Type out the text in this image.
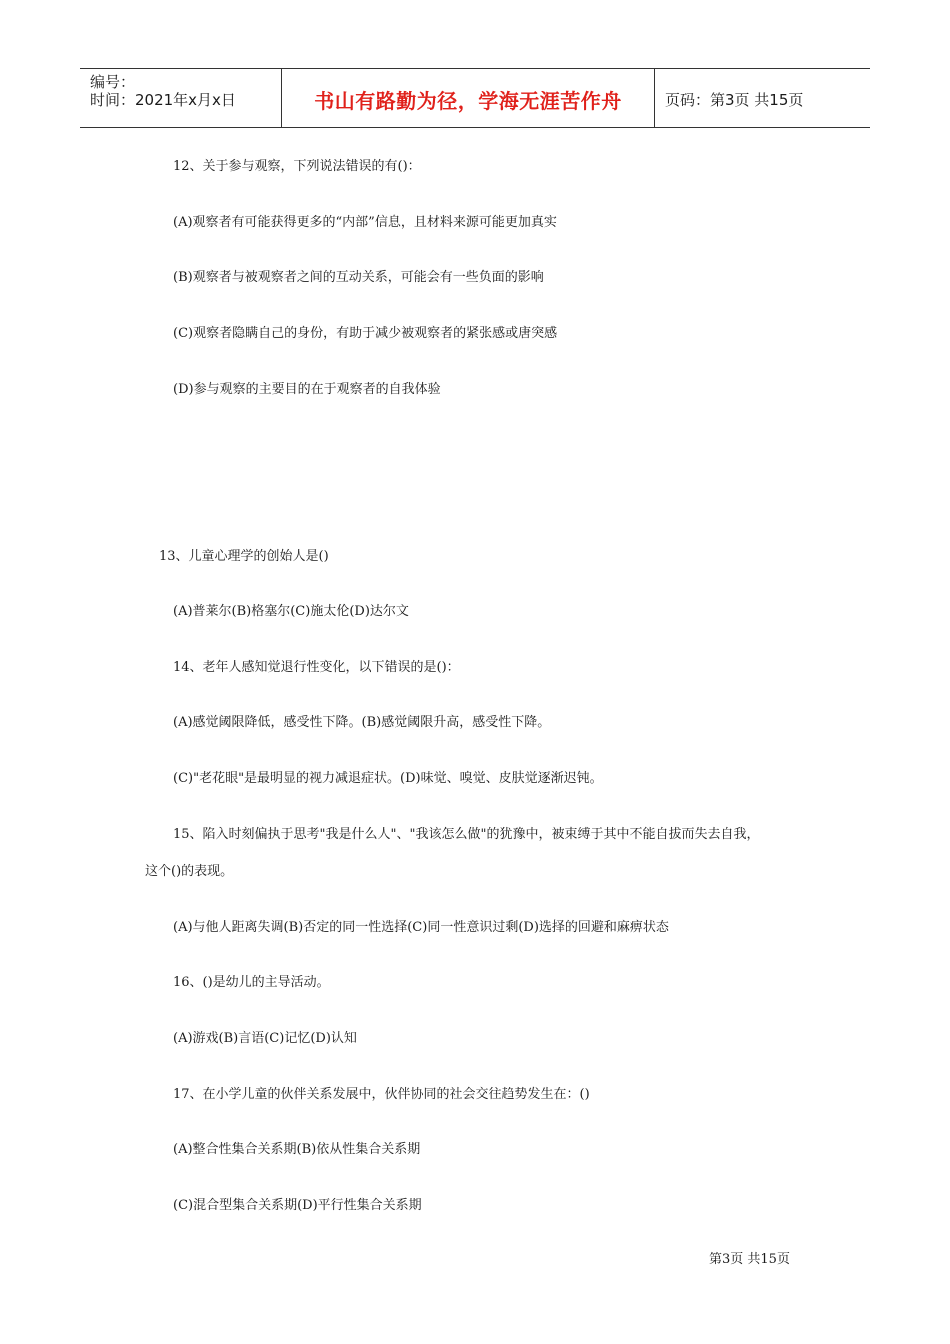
编号：
时间：2021年x月x日	书山有路勤为径，学海无涯苦作舟	页码：第3页 共15页
12、关于参与观察，下列说法错误的有()：
(A)观察者有可能获得更多的“内部”信息，且材料来源可能更加真实
(B)观察者与被观察者之间的互动关系，可能会有一些负面的影响
(C)观察者隐瞒自己的身份，有助于减少被观察者的紧张感或唐突感
(D)参与观察的主要目的在于观察者的自我体验
13、儿童心理学的创始人是()
(A)普莱尔(B)格塞尔(C)施太伦(D)达尔文
14、老年人感知觉退行性变化，以下错误的是()：
(A)感觉阈限降低，感受性下降。(B)感觉阈限升高，感受性下降。
(C)"老花眼"是最明显的视力减退症状。(D)味觉、嗅觉、皮肤觉逐渐迟钝。
15、陷入时刻偏执于思考"我是什么人"、"我该怎么做"的犹豫中，被束缚于其中不能自拔而失去自我，
这个()的表现。
(A)与他人距离失调(B)否定的同一性选择(C)同一性意识过剩(D)选择的回避和麻痹状态
16、()是幼儿的主导活动。
(A)游戏(B)言语(C)记忆(D)认知
17、在小学儿童的伙伴关系发展中，伙伴协同的社会交往趋势发生在：()
(A)整合性集合关系期(B)依从性集合关系期
(C)混合型集合关系期(D)平行性集合关系期
第3页 共15页
